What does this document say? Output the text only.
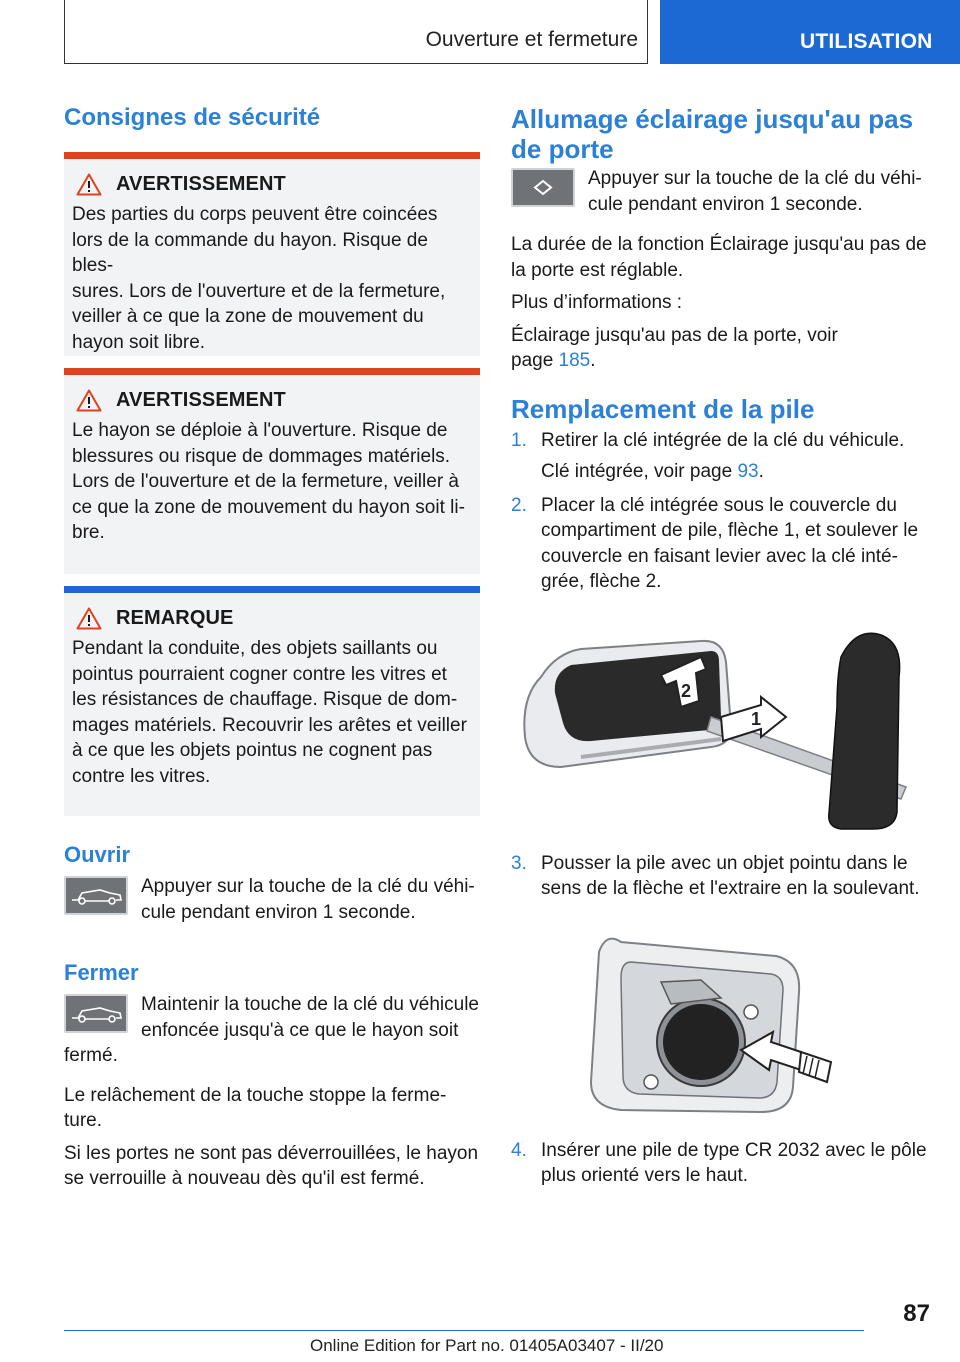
Ouverture et fermeture	UTILISATION
Consignes de sécurité
AVERTISSEMENT
Des parties du corps peuvent être coincées
lors de la commande du hayon. Risque de bles-
sures. Lors de l'ouverture et de la fermeture,
veiller à ce que la zone de mouvement du
hayon soit libre.
AVERTISSEMENT
Le hayon se déploie à l'ouverture. Risque de
blessures ou risque de dommages matériels.
Lors de l'ouverture et de la fermeture, veiller à
ce que la zone de mouvement du hayon soit li-
bre.
REMARQUE
Pendant la conduite, des objets saillants ou
pointus pourraient cogner contre les vitres et
les résistances de chauffage. Risque de dom-
mages matériels. Recouvrir les arêtes et veiller
à ce que les objets pointus ne cognent pas
contre les vitres.
Ouvrir

Appuyer sur la touche de la clé du véhi-

cule pendant environ 1 seconde.

Fermer

Maintenir la touche de la clé du véhicule

enfoncée jusqu'à ce que le hayon soit

fermé.

Le relâchement de la touche stoppe la ferme-

ture.

Si les portes ne sont pas déverrouillées, le hayon

se verrouille à nouveau dès qu'il est fermé.

Allumage éclairage jusqu'au pas
de porte

Appuyer sur la touche de la clé du véhi-

cule pendant environ 1 seconde.

La durée de la fonction Éclairage jusqu'au pas de

la porte est réglable.

Plus d’informations :

Éclairage jusqu'au pas de la porte, voir

page 185.

Remplacement de la pile
1. Retirer la clé intégrée de la clé du véhicule.
Clé intégrée, voir page 93.
2. Placer la clé intégrée sous le couvercle du
compartiment de pile, flèche 1, et soulever le
couvercle en faisant levier avec la clé inté-
grée, flèche 2.
2
1
3. Pousser la pile avec un objet pointu dans le
sens de la flèche et l'extraire en la soulevant.
4. Insérer une pile de type CR 2032 avec le pôle
plus orienté vers le haut.
87
Online Edition for Part no. 01405A03407 - II/20
